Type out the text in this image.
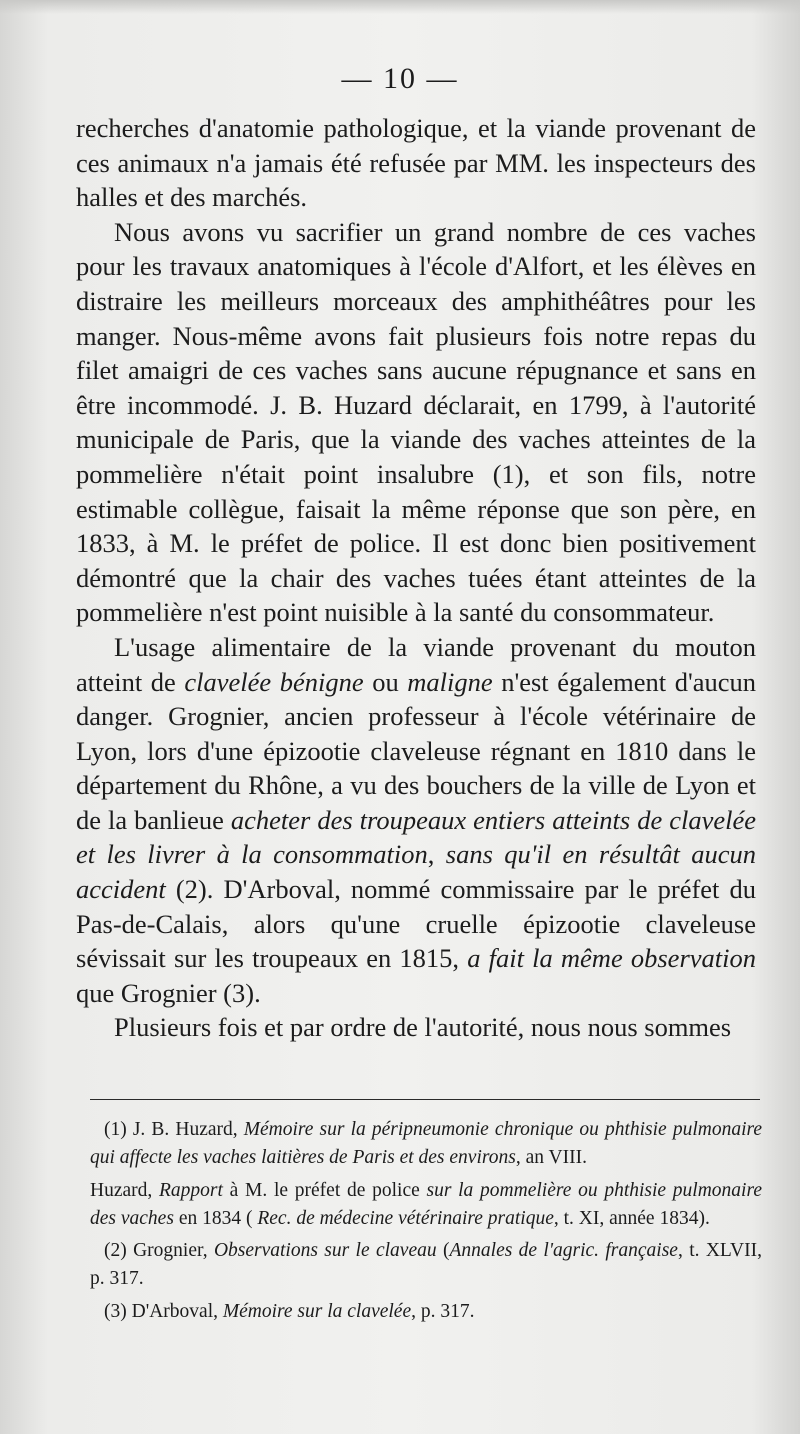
— 10 —

recherches d'anatomie pathologique, et la viande provenant de ces animaux n'a jamais été refusée par MM. les inspecteurs des halles et des marchés.

Nous avons vu sacrifier un grand nombre de ces vaches pour les travaux anatomiques à l'école d'Alfort, et les élèves en distraire les meilleurs morceaux des amphithéâtres pour les manger. Nous-même avons fait plusieurs fois notre repas du filet amaigri de ces vaches sans aucune répugnance et sans en être incommodé. J. B. Huzard déclarait, en 1799, à l'autorité municipale de Paris, que la viande des vaches atteintes de la pommelière n'était point insalubre (1), et son fils, notre estimable collègue, faisait la même réponse que son père, en 1833, à M. le préfet de police. Il est donc bien positivement démontré que la chair des vaches tuées étant atteintes de la pommelière n'est point nuisible à la santé du consommateur.

L'usage alimentaire de la viande provenant du mouton atteint de clavelée bénigne ou maligne n'est également d'aucun danger. Grognier, ancien professeur à l'école vétérinaire de Lyon, lors d'une épizootie claveleuse régnant en 1810 dans le département du Rhône, a vu des bouchers de la ville de Lyon et de la banlieue acheter des troupeaux entiers atteints de clavelée et les livrer à la consommation, sans qu'il en résultât aucun accident (2). D'Arboval, nommé commissaire par le préfet du Pas-de-Calais, alors qu'une cruelle épizootie claveleuse sévissait sur les troupeaux en 1815, a fait la même observation que Grognier (3).

Plusieurs fois et par ordre de l'autorité, nous nous sommes

(1) J. B. Huzard, Mémoire sur la péripneumonie chronique ou phthisie pulmonaire qui affecte les vaches laitières de Paris et des environs, an VIII.

Huzard, Rapport à M. le préfet de police sur la pommelière ou phthisie pulmonaire des vaches en 1834 ( Rec. de médecine vétérinaire pratique, t. XI, année 1834).

(2) Grognier, Observations sur le claveau (Annales de l'agric. française, t. XLVII, p. 317.

(3) D'Arboval, Mémoire sur la clavelée, p. 317.
